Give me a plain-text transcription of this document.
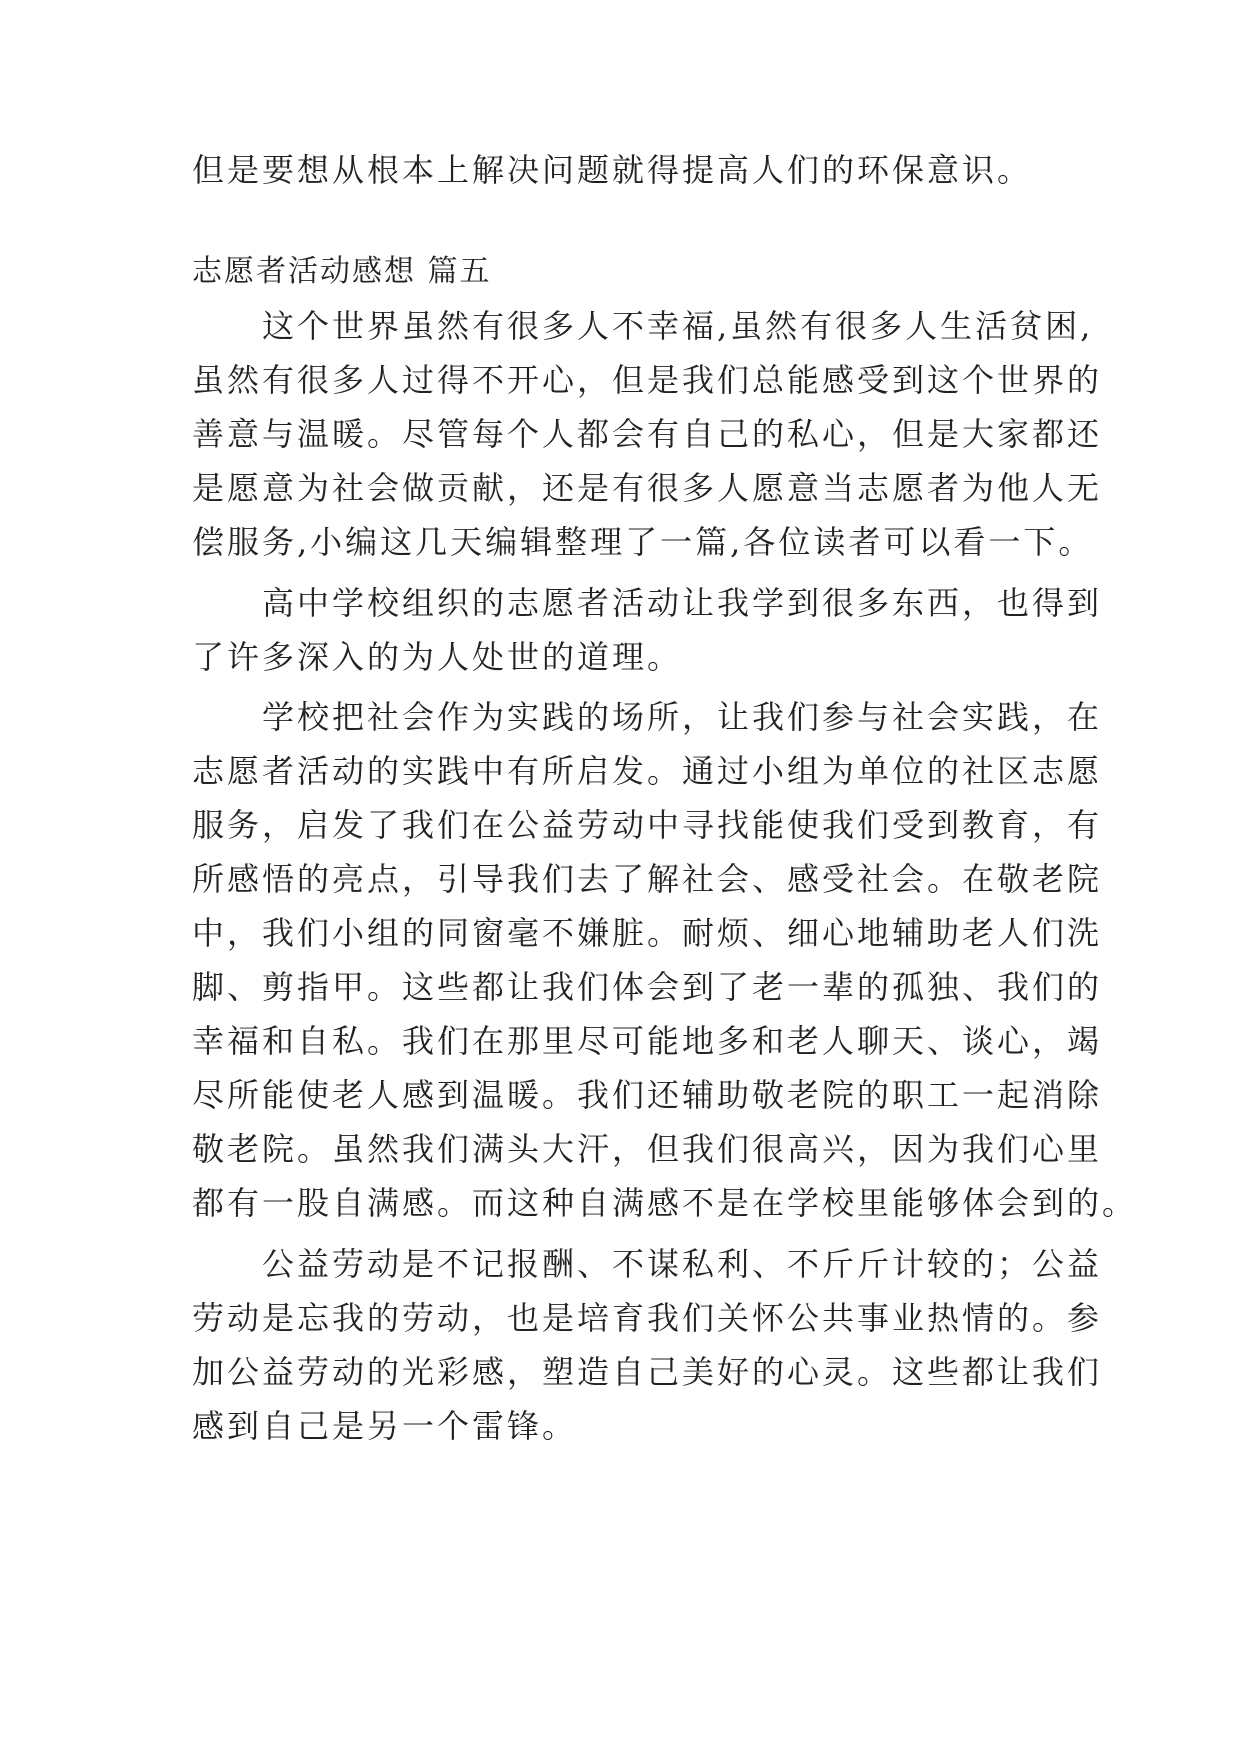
但是要想从根本上解决问题就得提高人们的环保意识。
志愿者活动感想 篇五
　　这个世界虽然有很多人不幸福,虽然有很多人生活贫困,
虽然有很多人过得不开心，但是我们总能感受到这个世界的
善意与温暖。尽管每个人都会有自己的私心，但是大家都还
是愿意为社会做贡献，还是有很多人愿意当志愿者为他人无
偿服务,小编这几天编辑整理了一篇,各位读者可以看一下。
　　高中学校组织的志愿者活动让我学到很多东西，也得到
了许多深入的为人处世的道理。
　　学校把社会作为实践的场所，让我们参与社会实践，在
志愿者活动的实践中有所启发。通过小组为单位的社区志愿
服务，启发了我们在公益劳动中寻找能使我们受到教育，有
所感悟的亮点，引导我们去了解社会、感受社会。在敬老院
中，我们小组的同窗毫不嫌脏。耐烦、细心地辅助老人们洗
脚、剪指甲。这些都让我们体会到了老一辈的孤独、我们的
幸福和自私。我们在那里尽可能地多和老人聊天、谈心，竭
尽所能使老人感到温暖。我们还辅助敬老院的职工一起消除
敬老院。虽然我们满头大汗，但我们很高兴，因为我们心里
都有一股自满感。而这种自满感不是在学校里能够体会到的。
　　公益劳动是不记报酬、不谋私利、不斤斤计较的；公益
劳动是忘我的劳动，也是培育我们关怀公共事业热情的。参
加公益劳动的光彩感，塑造自己美好的心灵。这些都让我们
感到自己是另一个雷锋。
